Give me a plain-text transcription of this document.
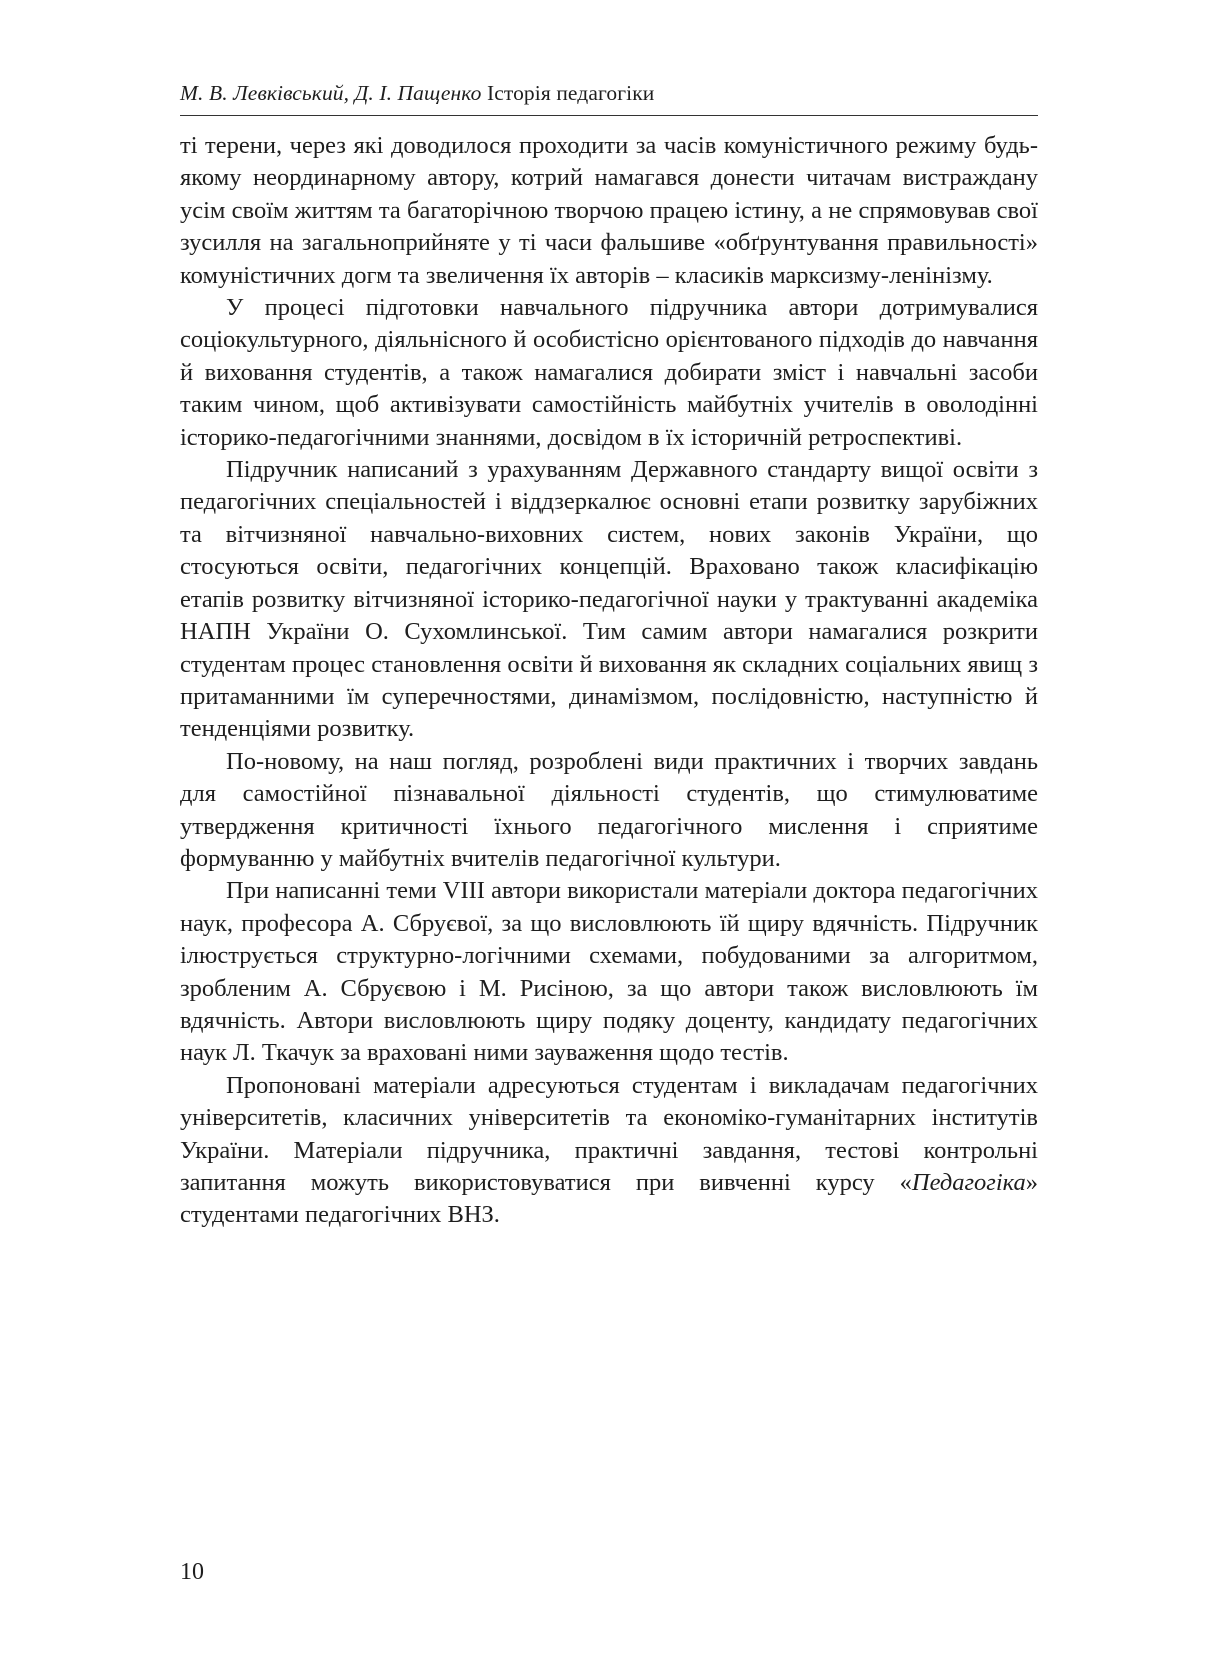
М. В. Левківський, Д. І. Пащенко Історія педагогіки

ті терени, через які доводилося проходити за часів комуністичного режиму будь-якому неординарному автору, котрий намагався донести читачам вистраждану усім своїм життям та багаторічною творчою працею істину, а не спрямовував свої зусилля на загальноприйняте у ті часи фальшиве «обґрунтування правильності» комуністичних догм та звеличення їх авторів – класиків марксизму-ленінізму.

У процесі підготовки навчального підручника автори дотримувалися соціокультурного, діяльнісного й особистісно орієнтованого підходів до навчання й виховання студентів, а також намагалися добирати зміст і навчальні засоби таким чином, щоб активізувати самостійність майбутніх учителів в оволодінні історико-педагогічними знаннями, досвідом в їх історичній ретроспективі.

Підручник написаний з урахуванням Державного стандарту вищої освіти з педагогічних спеціальностей і віддзеркалює основні етапи розвитку зарубіжних та вітчизняної навчально-виховних систем, нових законів України, що стосуються освіти, педагогічних концепцій. Враховано також класифікацію етапів розвитку вітчизняної історико-педагогічної науки у трактуванні академіка НАПН України О. Сухомлинської. Тим самим автори намагалися розкрити студентам процес становлення освіти й виховання як складних соціальних явищ з притаманними їм суперечностями, динамізмом, послідовністю, наступністю й тенденціями розвитку.

По-новому, на наш погляд, розроблені види практичних і творчих завдань для самостійної пізнавальної діяльності студентів, що стимулюватиме утвердження критичності їхнього педагогічного мислення і сприятиме формуванню у майбутніх вчителів педагогічної культури.

При написанні теми VIII автори використали матеріали доктора педагогічних наук, професора А. Сбруєвої, за що висловлюють їй щиру вдячність. Підручник ілюструється структурно-логічними схемами, побудованими за алгоритмом, зробленим А. Сбруєвою і М. Рисіною, за що автори також висловлюють їм вдячність. Автори висловлюють щиру подяку доценту, кандидату педагогічних наук Л. Ткачук за враховані ними зауваження щодо тестів.

Пропоновані матеріали адресуються студентам і викладачам педагогічних університетів, класичних університетів та економіко-гуманітарних інститутів України. Матеріали підручника, практичні завдання, тестові контрольні запитання можуть використовуватися при вивченні курсу «Педагогіка» студентами педагогічних ВНЗ.

10
